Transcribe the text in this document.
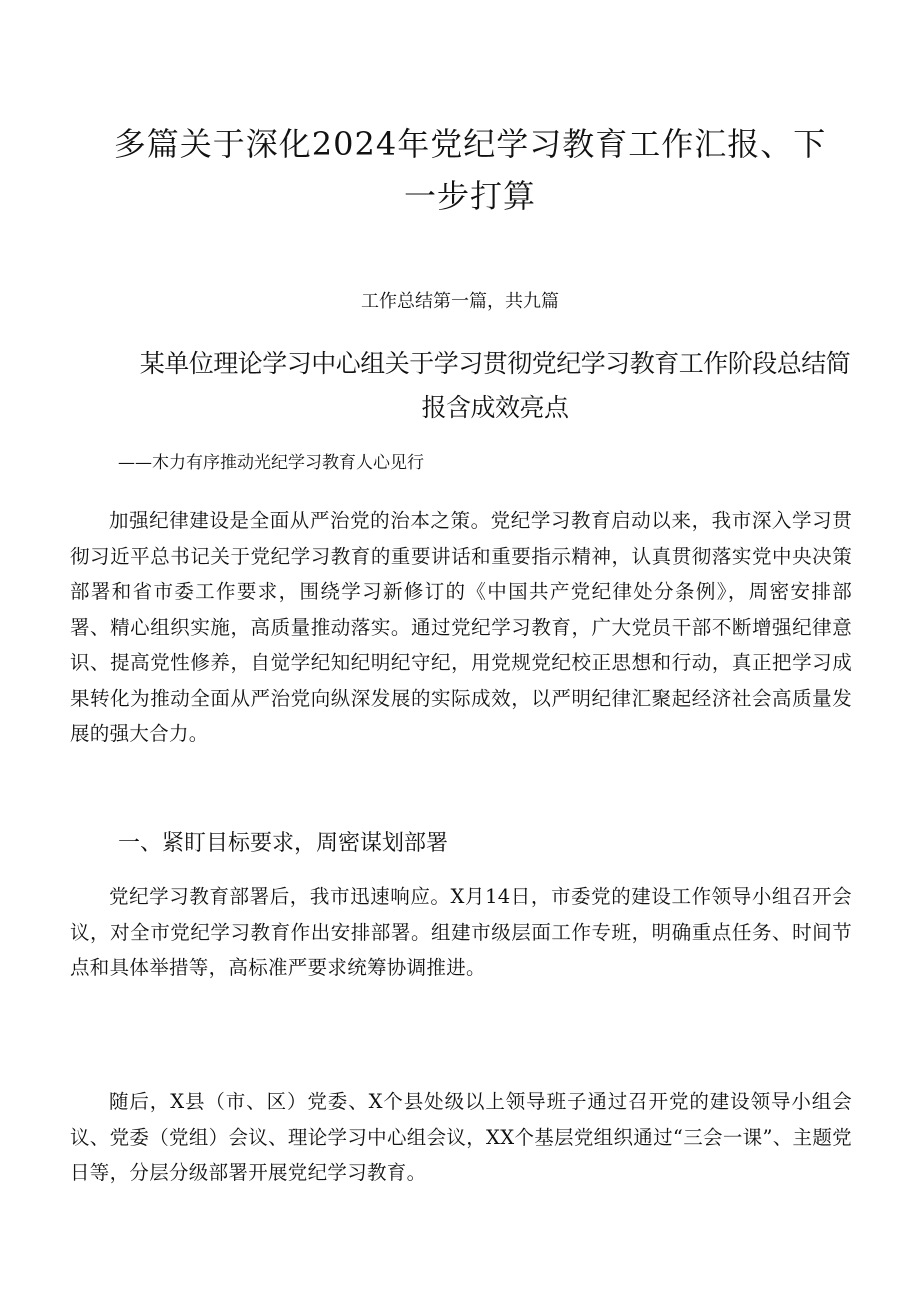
多篇关于深化2024年党纪学习教育工作汇报、下一步打算

工作总结第一篇，共九篇

某单位理论学习中心组关于学习贯彻党纪学习教育工作阶段总结简报含成效亮点

——木力有序推动光纪学习教育人心见行

加强纪律建设是全面从严治党的治本之策。党纪学习教育启动以来，我市深入学习贯彻习近平总书记关于党纪学习教育的重要讲话和重要指示精神，认真贯彻落实党中央决策部署和省市委工作要求，围绕学习新修订的《中国共产党纪律处分条例》，周密安排部署、精心组织实施，高质量推动落实。通过党纪学习教育，广大党员干部不断增强纪律意识、提高党性修养，自觉学纪知纪明纪守纪，用党规党纪校正思想和行动，真正把学习成果转化为推动全面从严治党向纵深发展的实际成效，以严明纪律汇聚起经济社会高质量发展的强大合力。

一、紧盯目标要求，周密谋划部署

党纪学习教育部署后，我市迅速响应。X月14日，市委党的建设工作领导小组召开会议，对全市党纪学习教育作出安排部署。组建市级层面工作专班，明确重点任务、时间节点和具体举措等，高标准严要求统筹协调推进。

随后，X县（市、区）党委、X个县处级以上领导班子通过召开党的建设领导小组会议、党委（党组）会议、理论学习中心组会议，XX个基层党组织通过“三会一课”、主题党日等，分层分级部署开展党纪学习教育。
